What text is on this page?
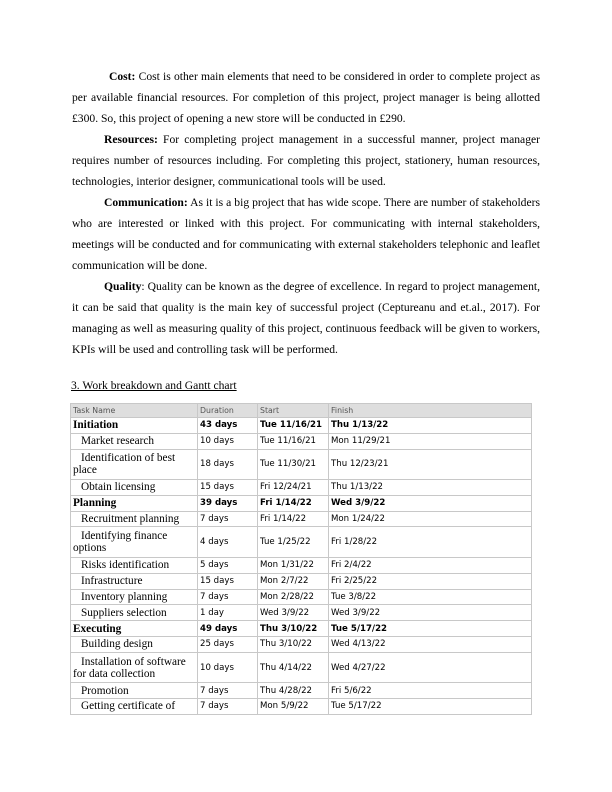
Cost: Cost is other main elements that need to be considered in order to complete project as per available financial resources. For completion of this project, project manager is being allotted £300. So, this project of opening a new store will be conducted in £290.

Resources: For completing project management in a successful manner, project manager requires number of resources including. For completing this project, stationery, human resources, technologies, interior designer, communicational tools will be used.

Communication: As it is a big project that has wide scope. There are number of stakeholders who are interested or linked with this project. For communicating with internal stakeholders, meetings will be conducted and for communicating with external stakeholders telephonic and leaflet communication will be done.

Quality: Quality can be known as the degree of excellence. In regard to project management, it can be said that quality is the main key of successful project (Ceptureanu and et.al., 2017). For managing as well as measuring quality of this project, continuous feedback will be given to workers, KPIs will be used and controlling task will be performed.

3. Work breakdown and Gantt chart
Task Name	Duration	Start	Finish
Initiation	43 days	Tue 11/16/21	Thu 1/13/22
Market research	10 days	Tue 11/16/21	Mon 11/29/21
Identification of best place	18 days	Tue 11/30/21	Thu 12/23/21
Obtain licensing	15 days	Fri 12/24/21	Thu 1/13/22
Planning	39 days	Fri 1/14/22	Wed 3/9/22
Recruitment planning	7 days	Fri 1/14/22	Mon 1/24/22
Identifying finance options	4 days	Tue 1/25/22	Fri 1/28/22
Risks identification	5 days	Mon 1/31/22	Fri 2/4/22
Infrastructure	15 days	Mon 2/7/22	Fri 2/25/22
Inventory planning	7 days	Mon 2/28/22	Tue 3/8/22
Suppliers selection	1 day	Wed 3/9/22	Wed 3/9/22
Executing	49 days	Thu 3/10/22	Tue 5/17/22
Building design	25 days	Thu 3/10/22	Wed 4/13/22
Installation of software for data collection	10 days	Thu 4/14/22	Wed 4/27/22
Promotion	7 days	Thu 4/28/22	Fri 5/6/22
Getting certificate of	7 days	Mon 5/9/22	Tue 5/17/22
